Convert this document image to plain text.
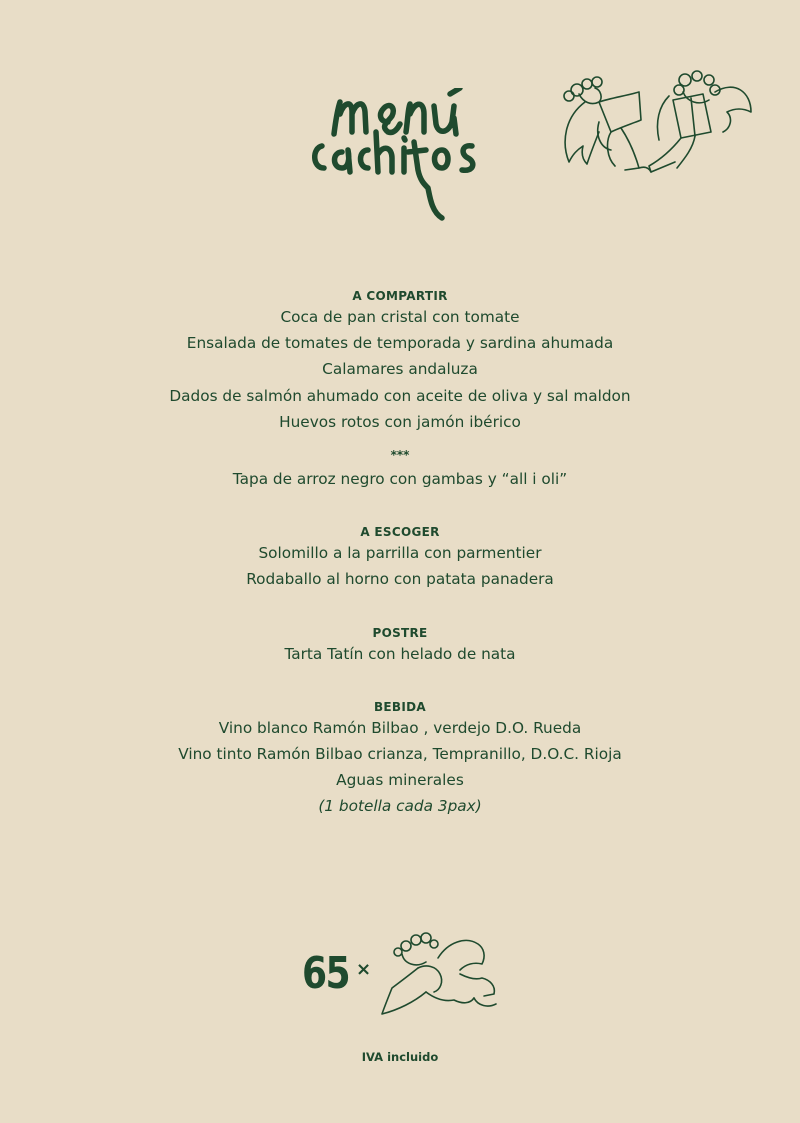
A COMPARTIR
Coca de pan cristal con tomate
Ensalada de tomates de temporada y sardina ahumada
Calamares andaluza
Dados de salmón ahumado con aceite de oliva y sal maldon
Huevos rotos con jamón ibérico
***
Tapa de arroz negro con gambas y “all i oli”
A ESCOGER
Solomillo a la parrilla con parmentier
Rodaballo al horno con patata panadera
POSTRE
Tarta Tatín con helado de nata
BEBIDA
Vino blanco Ramón Bilbao , verdejo D.O. Rueda
Vino tinto Ramón Bilbao crianza, Tempranillo, D.O.C. Rioja
Aguas minerales
(1 botella cada 3pax)
65 ×
IVA incluido
